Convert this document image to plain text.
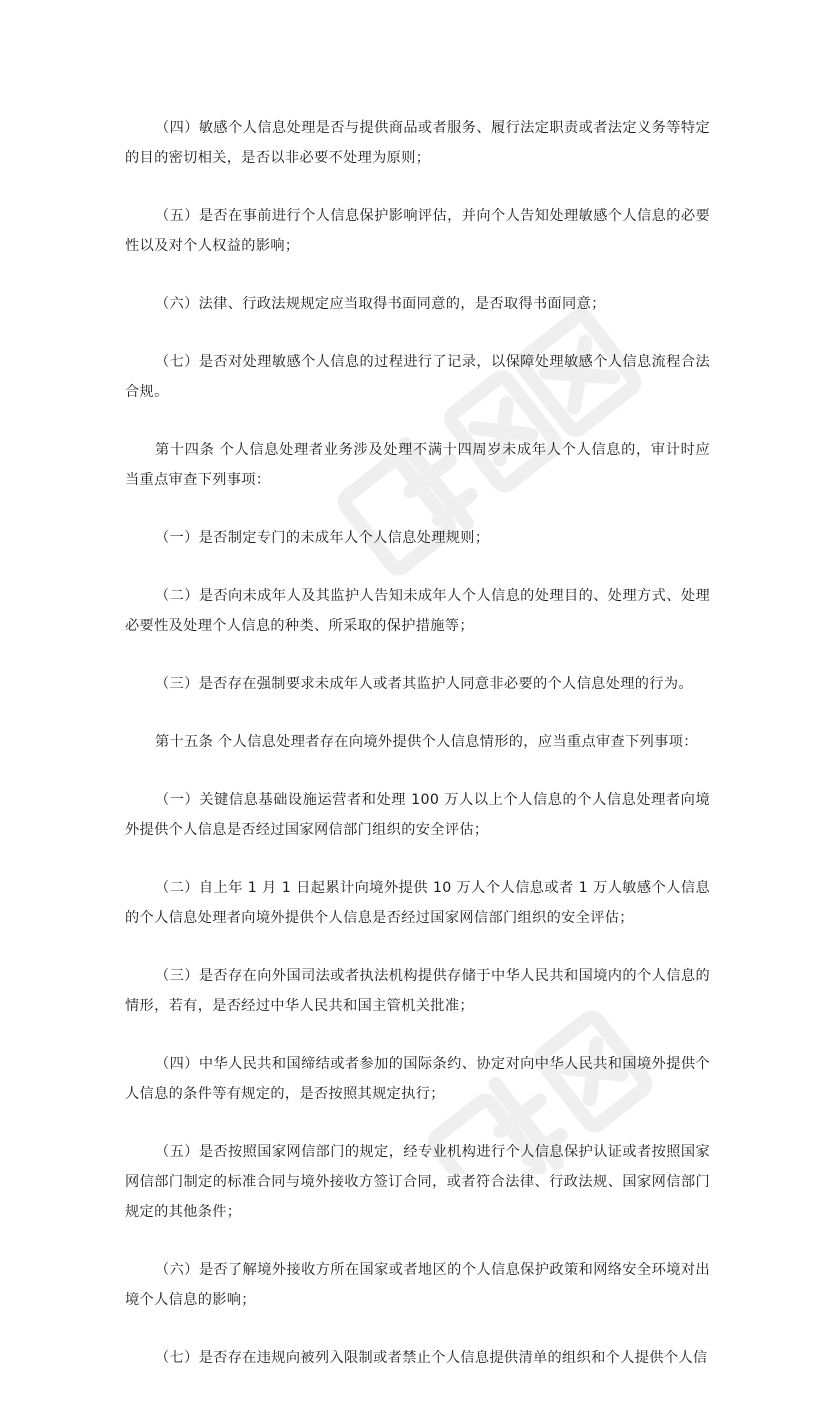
（四）敏感个人信息处理是否与提供商品或者服务、履行法定职责或者法定义务等特定的目的密切相关，是否以非必要不处理为原则；

（五）是否在事前进行个人信息保护影响评估，并向个人告知处理敏感个人信息的必要性以及对个人权益的影响；

（六）法律、行政法规规定应当取得书面同意的，是否取得书面同意；

（七）是否对处理敏感个人信息的过程进行了记录，以保障处理敏感个人信息流程合法合规。

第十四条 个人信息处理者业务涉及处理不满十四周岁未成年人个人信息的，审计时应当重点审查下列事项：

（一）是否制定专门的未成年人个人信息处理规则；

（二）是否向未成年人及其监护人告知未成年人个人信息的处理目的、处理方式、处理必要性及处理个人信息的种类、所采取的保护措施等；

（三）是否存在强制要求未成年人或者其监护人同意非必要的个人信息处理的行为。

第十五条 个人信息处理者存在向境外提供个人信息情形的，应当重点审查下列事项：

（一）关键信息基础设施运营者和处理 100 万人以上个人信息的个人信息处理者向境外提供个人信息是否经过国家网信部门组织的安全评估；

（二）自上年 1 月 1 日起累计向境外提供 10 万人个人信息或者 1 万人敏感个人信息的个人信息处理者向境外提供个人信息是否经过国家网信部门组织的安全评估；

（三）是否存在向外国司法或者执法机构提供存储于中华人民共和国境内的个人信息的情形，若有，是否经过中华人民共和国主管机关批准；

（四）中华人民共和国缔结或者参加的国际条约、协定对向中华人民共和国境外提供个人信息的条件等有规定的，是否按照其规定执行；

（五）是否按照国家网信部门的规定，经专业机构进行个人信息保护认证或者按照国家网信部门制定的标准合同与境外接收方签订合同，或者符合法律、行政法规、国家网信部门规定的其他条件；

（六）是否了解境外接收方所在国家或者地区的个人信息保护政策和网络安全环境对出境个人信息的影响；

（七）是否存在违规向被列入限制或者禁止个人信息提供清单的组织和个人提供个人信
